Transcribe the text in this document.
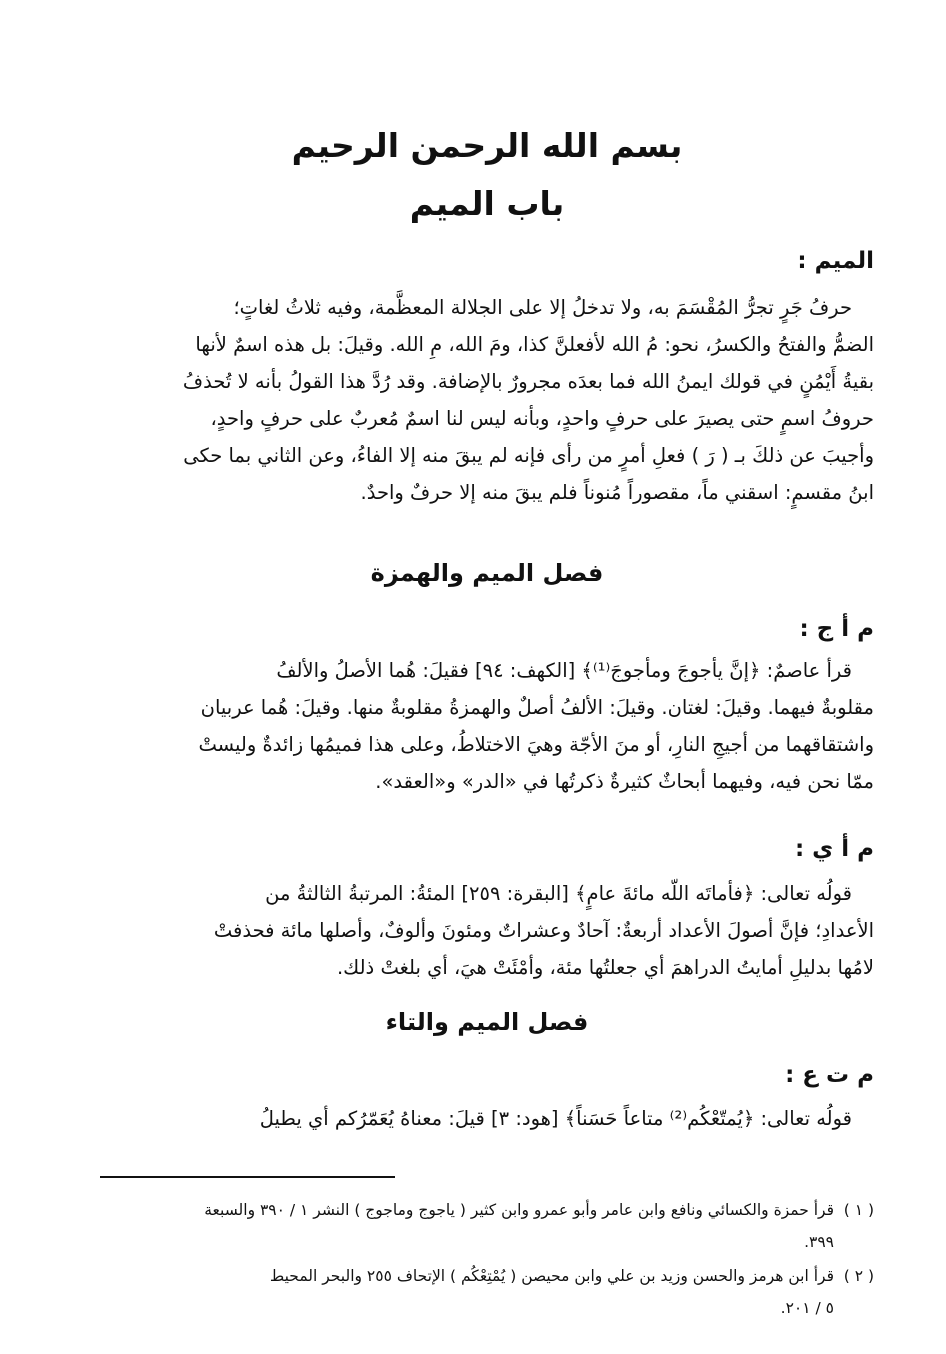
بسم الله الرحمن الرحيم
باب الميم
الميم :
حرفُ جَرٍ تجرُّ المُقْسَمَ به، ولا تدخلُ إلا على الجلالة المعظَّمة، وفيه ثلاثُ لغاتٍ؛
الضمُّ والفتحُ والكسرُ، نحو: مُ الله لأفعلنَّ كذا، ومَ الله، مِ الله. وقيلَ: بل هذه اسمٌ لأنها
بقيةُ أَيْمُنٍ في قولك ايمنُ الله فما بعدَه مجرورٌ بالإضافة. وقد رُدَّ هذا القولُ بأنه لا تُحذفُ
حروفُ اسمٍ حتى يصيرَ على حرفٍ واحدٍ، وبأنه ليس لنا اسمٌ مُعربٌ على حرفٍ واحدٍ،
وأجيبَ عن ذلكَ بـ ( رَ ) فعلِ أمرٍ من رأى فإنه لم يبقَ منه إلا الفاءُ، وعن الثاني بما حكى
ابنُ مقسمٍ: اسقني ماً، مقصوراً مُنوناً فلم يبقَ منه إلا حرفٌ واحدٌ.
فصل الميم والهمزة
م أ ج :
قرأ عاصمٌ: ﴿إنَّ يأجوجَ ومأجوجَ⁽¹⁾﴾ [الكهف: ٩٤] فقيلَ: هُما الأصلُ والألفُ
مقلوبةٌ فيهما. وقيلَ: لغتان. وقيلَ: الألفُ أصلٌ والهمزةُ مقلوبةٌ منها. وقيلَ: هُما عربيان
واشتقاقهما من أجيجِ النارِ، أو منَ الأجّة وهيَ الاختلاطُ، وعلى هذا فميمُها زائدةٌ وليستْ
ممّا نحن فيه، وفيهما أبحاثٌ كثيرةٌ ذكرتُها في «الدر» و«العقد».
م أ ي :
قولُه تعالى: ﴿فأماتَه اللّه مائةَ عامٍ﴾ [البقرة: ٢٥٩] المئةُ: المرتبةُ الثالثةُ من
الأعدادِ؛ فإنَّ أصولَ الأعداد أربعةٌ: آحادٌ وعشراتٌ ومئونَ وألوفٌ، وأصلها مائة فحذفتْ
لامُها بدليلِ أمايتُ الدراهمَ أي جعلتُها مئة، وأمْئَتْ هيَ، أي بلغتْ ذلك.
فصل الميم والتاء
م ت ع :
قولُه تعالى: ﴿يُمتّعْكُم⁽²⁾ متاعاً حَسَناً﴾ [هود: ٣] قيلَ: معناهُ يُعَمّرُكم أي يطيلُ
( ١ )قرأ حمزة والكسائي ونافع وابن عامر وأبو عمرو وابن كثير ( ياجوج وماجوج ) النشر ١ / ٣٩٠ والسبعة
٣٩٩.
( ٢ )قرأ ابن هرمز والحسن وزيد بن علي وابن محيصن ( يُمْتِعْكُم ) الإتحاف ٢٥٥ والبحر المحيط
٥ / ٢٠١.
